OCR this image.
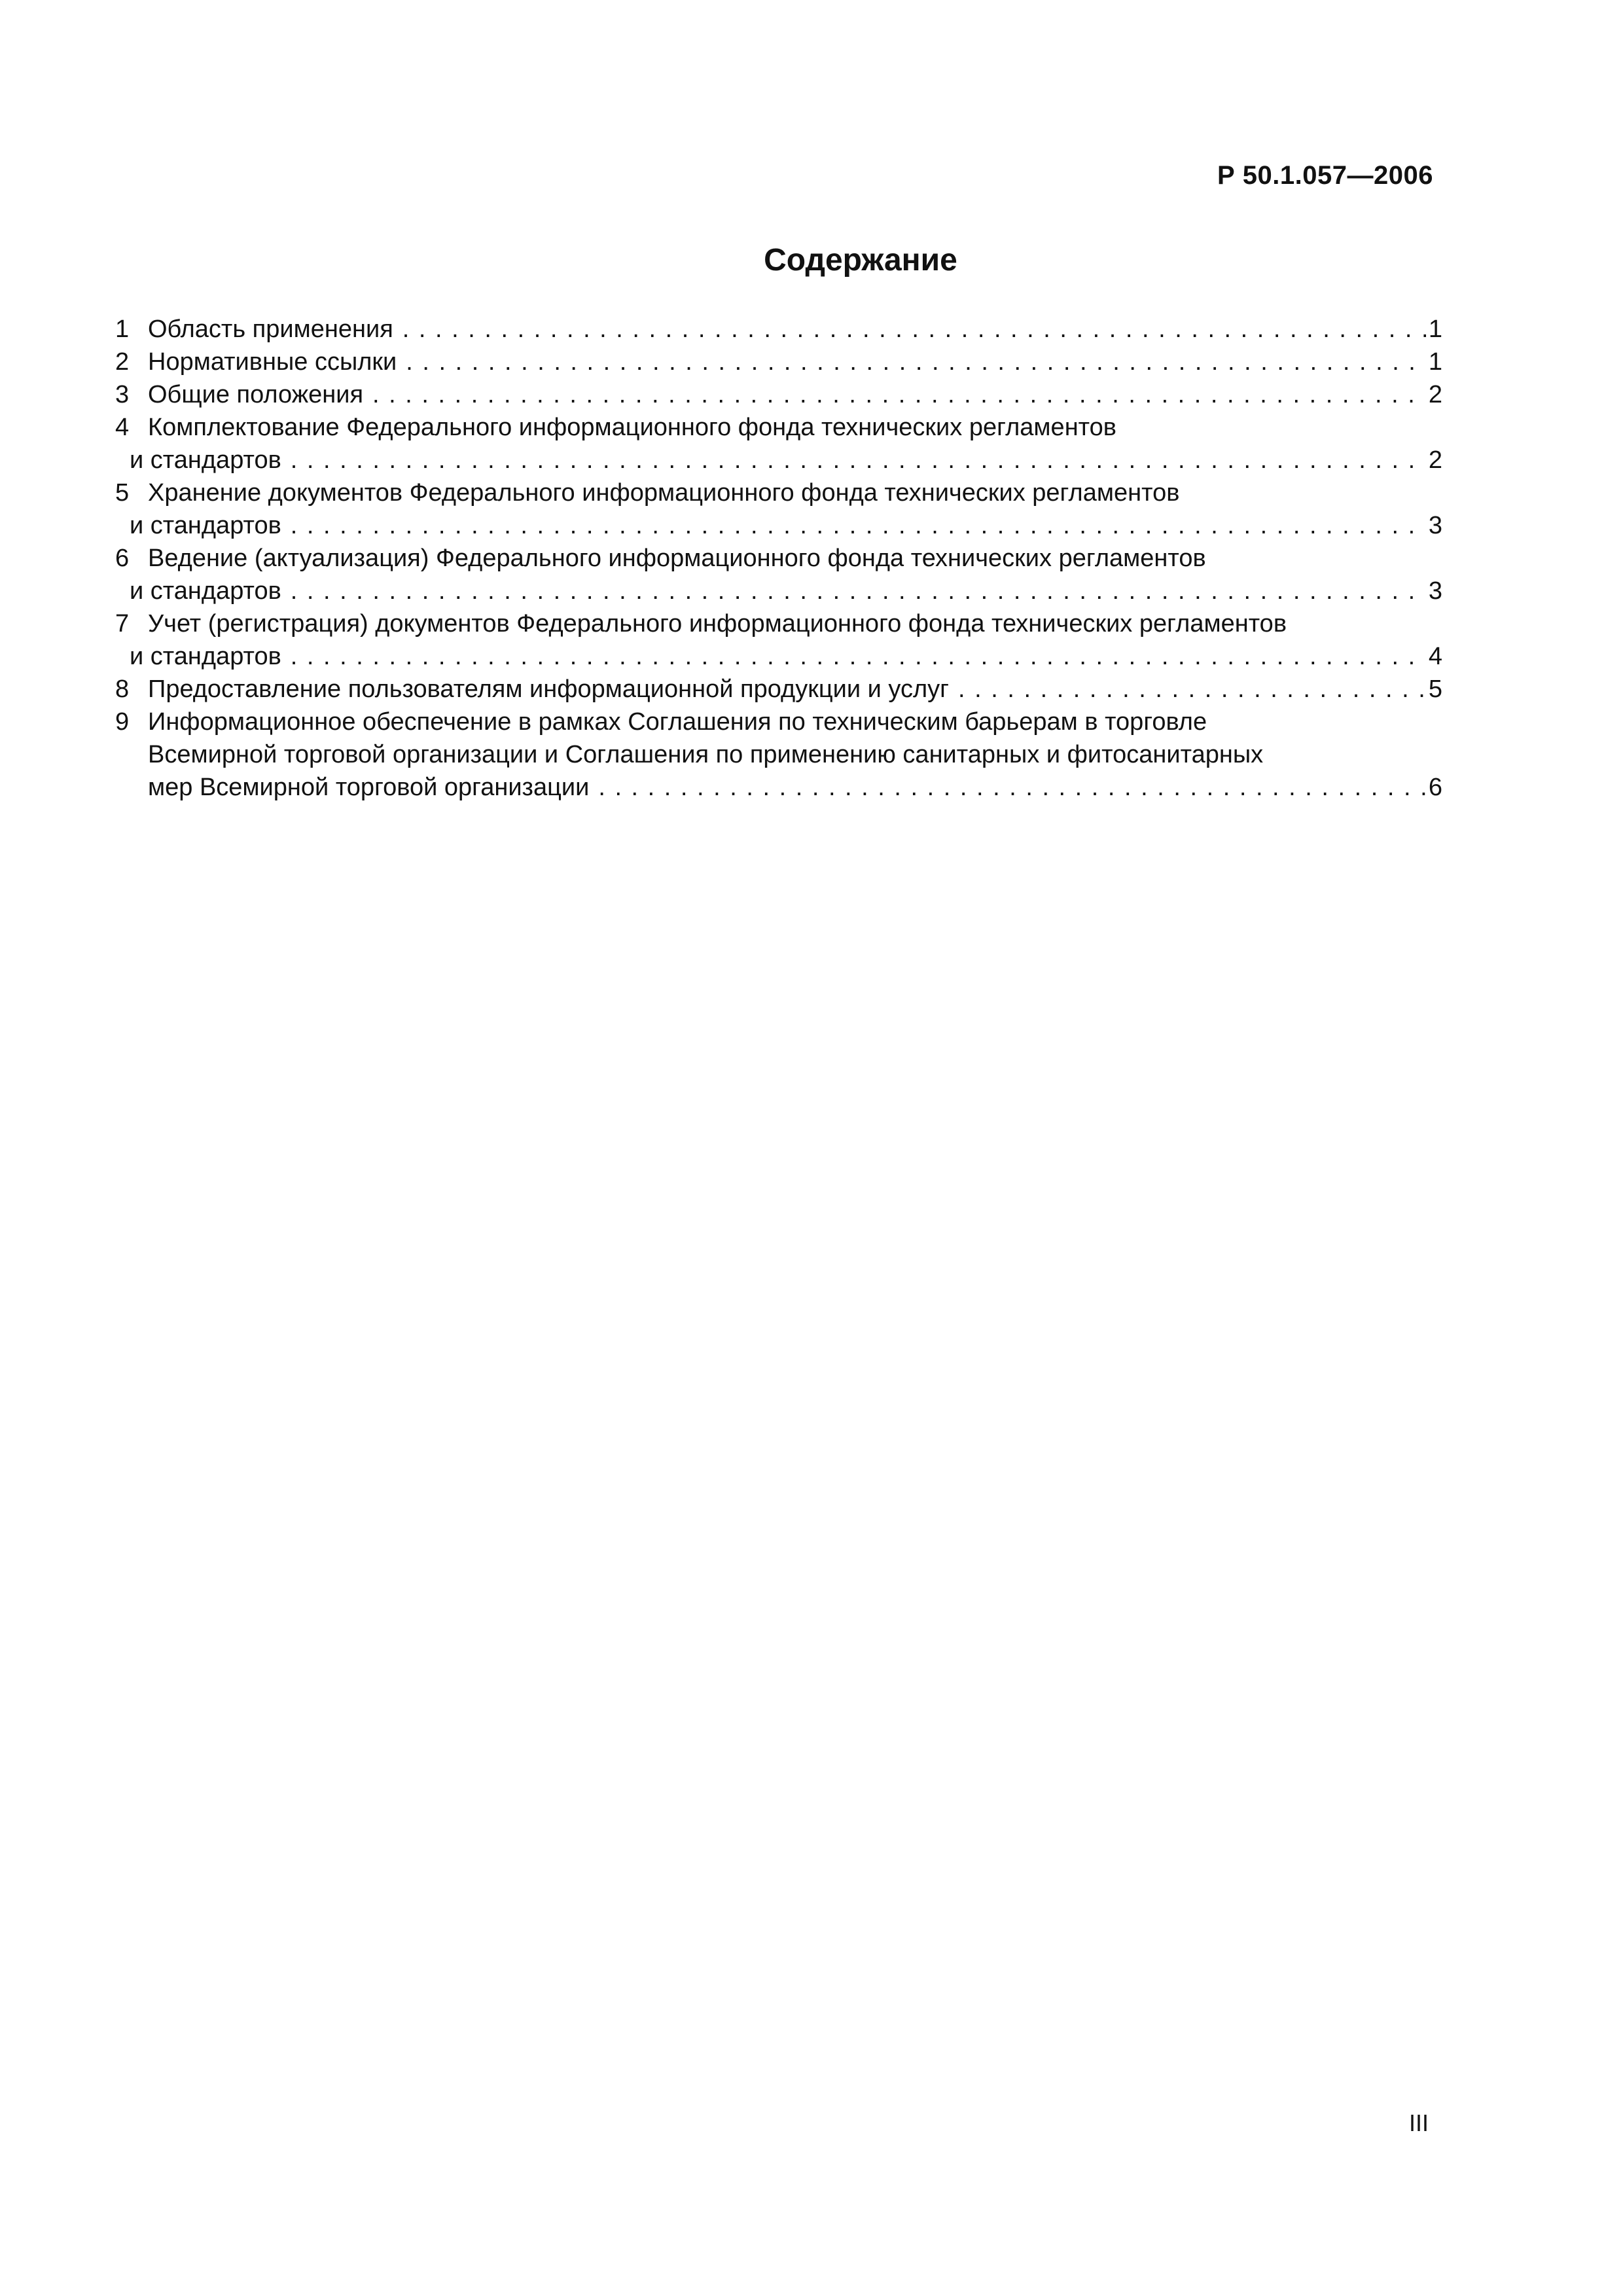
Р 50.1.057—2006
Содержание
1 Область применения . . .	1
2 Нормативные ссылки . . .	1
3 Общие положения . . .	2
4 Комплектование Федерального информационного фонда технических регламентов
и стандартов . . .	2
5 Хранение документов Федерального информационного фонда технических регламентов
и стандартов . . .	3
6 Ведение (актуализация) Федерального информационного фонда технических регламентов
и стандартов . . .	3
7 Учет (регистрация) документов Федерального информационного фонда технических регламентов
и стандартов . . .	4
8 Предоставление пользователям информационной продукции и услуг . . .	5
9 Информационное обеспечение в рамках Соглашения по техническим барьерам в торговле
Всемирной торговой организации и Соглашения по применению санитарных и фитосанитарных
мер Всемирной торговой организации . . .	6
III
